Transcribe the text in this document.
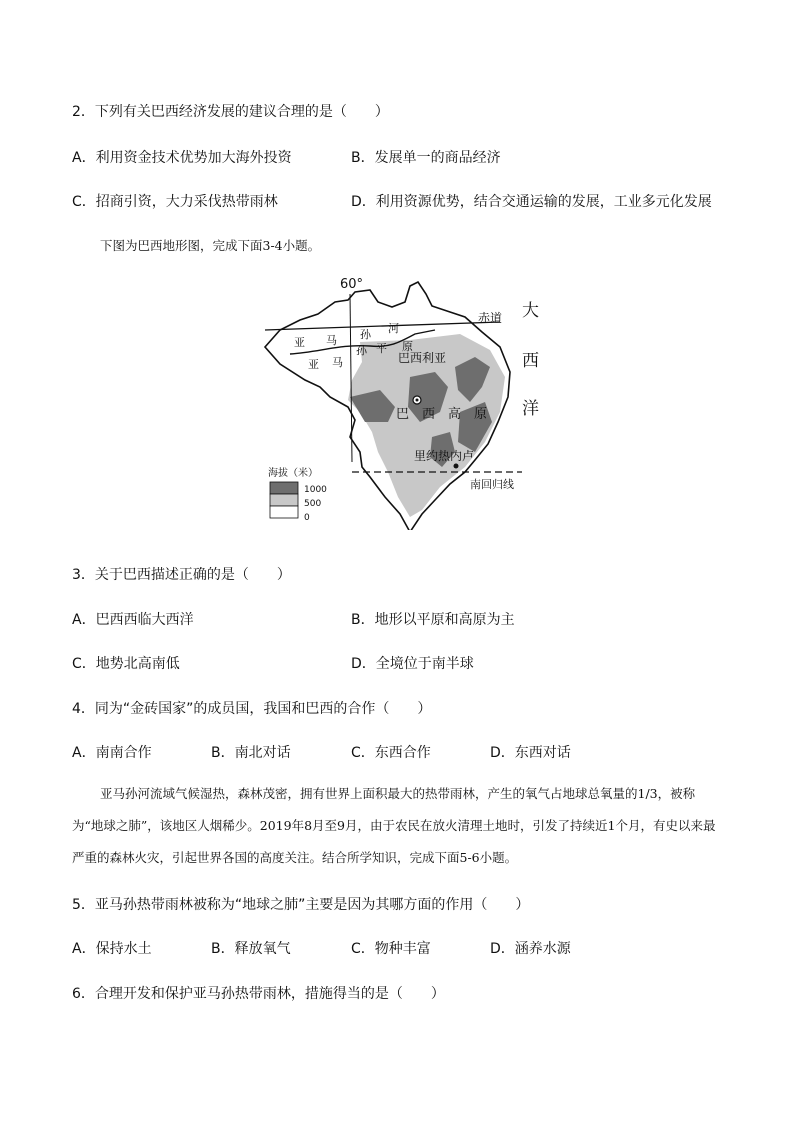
2．下列有关巴西经济发展的建议合理的是（　　）
A．利用资金技术优势加大海外投资	B．发展单一的商品经济
C．招商引资，大力采伐热带雨林	D．利用资源优势，结合交通运输的发展，工业多元化发展
下图为巴西地形图，完成下面3-4小题。
60°
赤道 大
西
洋
亚 马 孙 河
亚 马
孙 平 原
巴西利亚
巴　西　高　原
里约热内卢
南回归线
海拔（米）
1000
500
0
3．关于巴西描述正确的是（　　）
A．巴西西临大西洋	B．地形以平原和高原为主
C．地势北高南低	D．全境位于南半球
4．同为“金砖国家”的成员国，我国和巴西的合作（　　）
A．南南合作	B．南北对话	C．东西合作	D．东西对话
亚马孙河流域气候湿热，森林茂密，拥有世界上面积最大的热带雨林，产生的氧气占地球总氧量的1/3，被称为“地球之肺”，该地区人烟稀少。2019年8月至9月，由于农民在放火清理土地时，引发了持续近1个月，有史以来最严重的森林火灾，引起世界各国的高度关注。结合所学知识，完成下面5-6小题。
5．亚马孙热带雨林被称为“地球之肺”主要是因为其哪方面的作用（　　）
A．保持水土	B．释放氧气	C．物种丰富	D．涵养水源
6．合理开发和保护亚马孙热带雨林，措施得当的是（　　）
